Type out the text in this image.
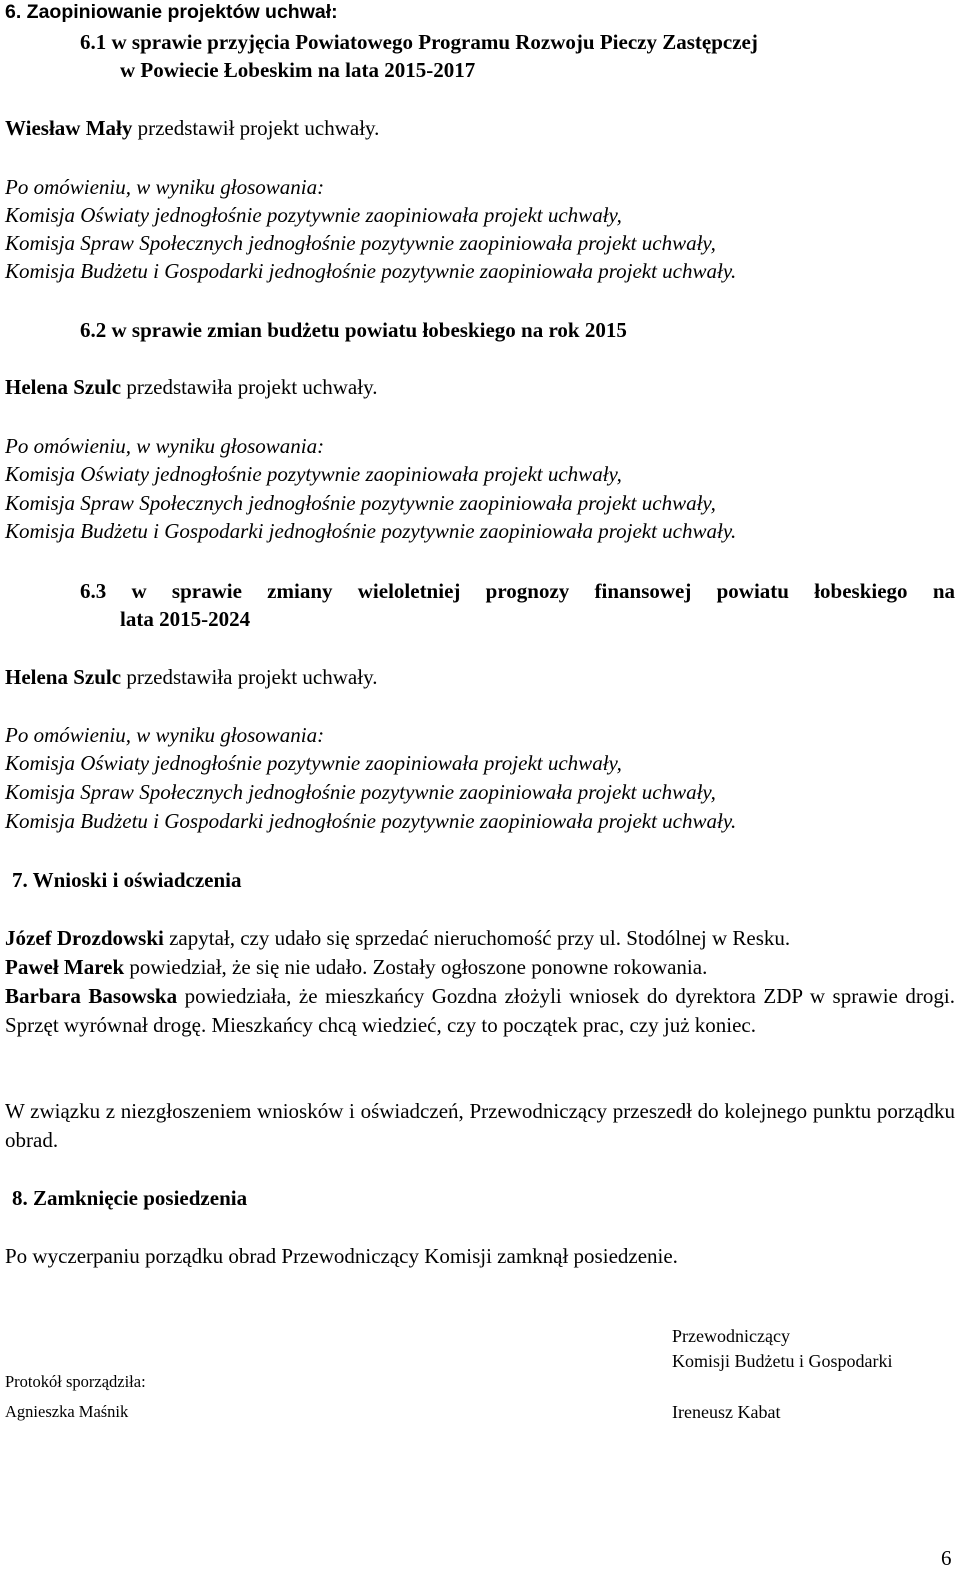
6. Zaopiniowanie projektów uchwał:
6.1 w sprawie przyjęcia Powiatowego Programu Rozwoju Pieczy Zastępczej
w Powiecie Łobeskim na lata 2015-2017
Wiesław Mały przedstawił projekt uchwały.
Po omówieniu, w wyniku głosowania:
Komisja Oświaty jednogłośnie pozytywnie zaopiniowała projekt uchwały,
Komisja Spraw Społecznych jednogłośnie pozytywnie zaopiniowała projekt uchwały,
Komisja Budżetu i Gospodarki jednogłośnie pozytywnie zaopiniowała projekt uchwały.
6.2 w sprawie zmian budżetu powiatu łobeskiego na rok 2015
Helena Szulc przedstawiła projekt uchwały.
Po omówieniu, w wyniku głosowania:
Komisja Oświaty jednogłośnie pozytywnie zaopiniowała projekt uchwały,
Komisja Spraw Społecznych jednogłośnie pozytywnie zaopiniowała projekt uchwały,
Komisja Budżetu i Gospodarki jednogłośnie pozytywnie zaopiniowała projekt uchwały.
6.3 w sprawie zmiany wieloletniej prognozy finansowej powiatu łobeskiego na
lata 2015-2024
Helena Szulc przedstawiła projekt uchwały.
Po omówieniu, w wyniku głosowania:
Komisja Oświaty jednogłośnie pozytywnie zaopiniowała projekt uchwały,
Komisja Spraw Społecznych jednogłośnie pozytywnie zaopiniowała projekt uchwały,
Komisja Budżetu i Gospodarki jednogłośnie pozytywnie zaopiniowała projekt uchwały.
7. Wnioski i oświadczenia
Józef Drozdowski zapytał, czy udało się sprzedać nieruchomość przy ul. Stodólnej w Resku.
Paweł Marek powiedział, że się nie udało. Zostały ogłoszone ponowne rokowania.
Barbara Basowska powiedziała, że mieszkańcy Gozdna złożyli wniosek do dyrektora ZDP w sprawie drogi. Sprzęt wyrównał drogę. Mieszkańcy chcą wiedzieć, czy to początek prac, czy już koniec.
W związku z niezgłoszeniem wniosków i oświadczeń, Przewodniczący przeszedł do kolejnego punktu porządku obrad.
8. Zamknięcie posiedzenia
Po wyczerpaniu porządku obrad Przewodniczący Komisji zamknął posiedzenie.
Przewodniczący
Komisji Budżetu i Gospodarki
Protokół sporządziła:
Agnieszka Maśnik	Ireneusz Kabat
6
